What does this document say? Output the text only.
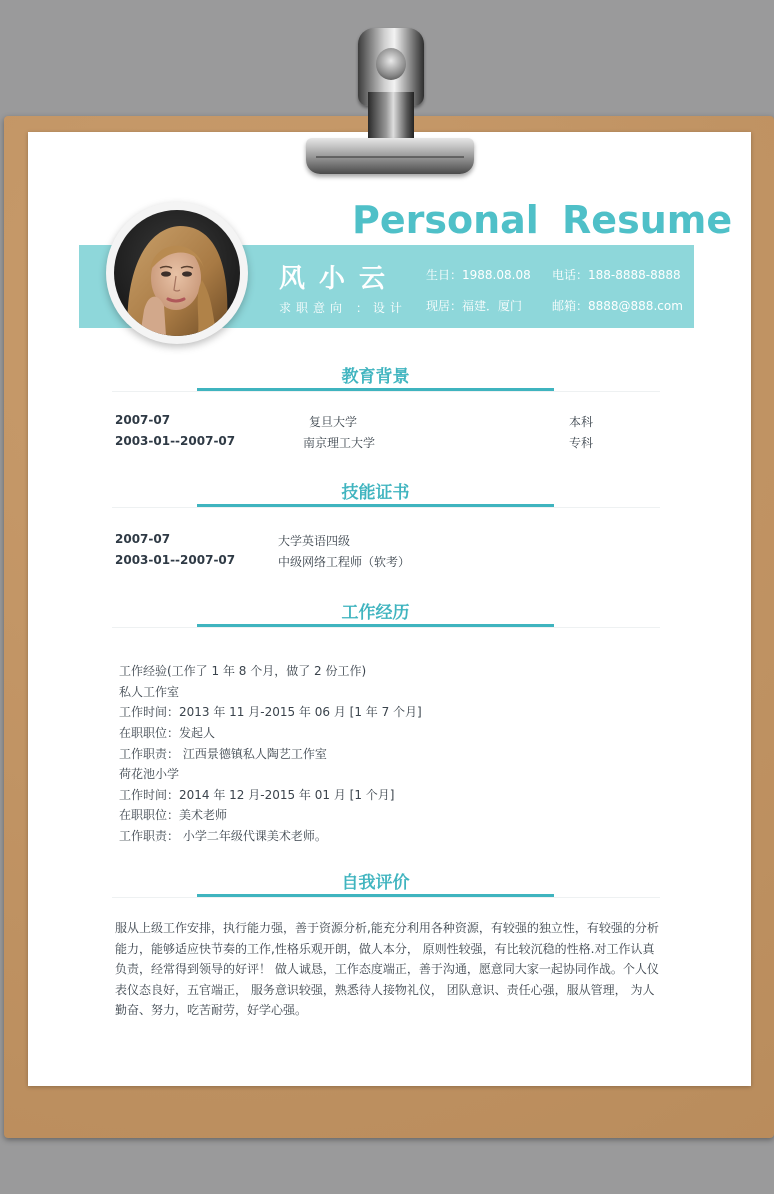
Personal Resume
风小云
求职意向 ：设计
生日：1988.08.08 电话：188-8888-8888
现居：福建．厦门 邮箱：8888@888.com
教育背景
2007-07	复旦大学	本科
2003-01--2007-07	南京理工大学	专科
技能证书
2007-07	大学英语四级
2003-01--2007-07	中级网络工程师（软考）
工作经历
工作经验(工作了 1 年 8 个月，做了 2 份工作)
私人工作室
工作时间：2013 年 11 月-2015 年 06 月 [1 年 7 个月]
在职职位：发起人
工作职责： 江西景德镇私人陶艺工作室
荷花池小学
工作时间：2014 年 12 月-2015 年 01 月 [1 个月]
在职职位：美术老师
工作职责： 小学二年级代课美术老师。
自我评价
服从上级工作安排，执行能力强，善于资源分析,能充分利用各种资源，有较强的独立性，有较强的分析能力，能够适应快节奏的工作,性格乐观开朗，做人本分， 原则性较强，有比较沉稳的性格.对工作认真负责，经常得到领导的好评！ 做人诚恳，工作态度端正，善于沟通，愿意同大家一起协同作战。个人仪表仪态良好，五官端正， 服务意识较强，熟悉待人接物礼仪， 团队意识、责任心强，服从管理， 为人勤奋、努力，吃苦耐劳，好学心强。
